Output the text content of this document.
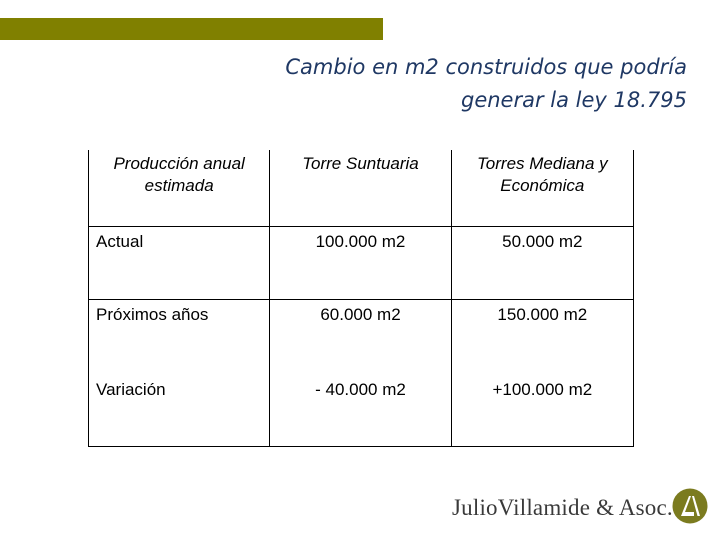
Cambio en m2 construidos que podría
generar la ley 18.795
Producción anual estimada	Torre Suntuaria	Torres Mediana y Económica
Actual	100.000 m2	50.000 m2
Próximos años	60.000 m2	150.000 m2
Variación	- 40.000 m2	+100.000 m2
JulioVillamide & Asoc.
